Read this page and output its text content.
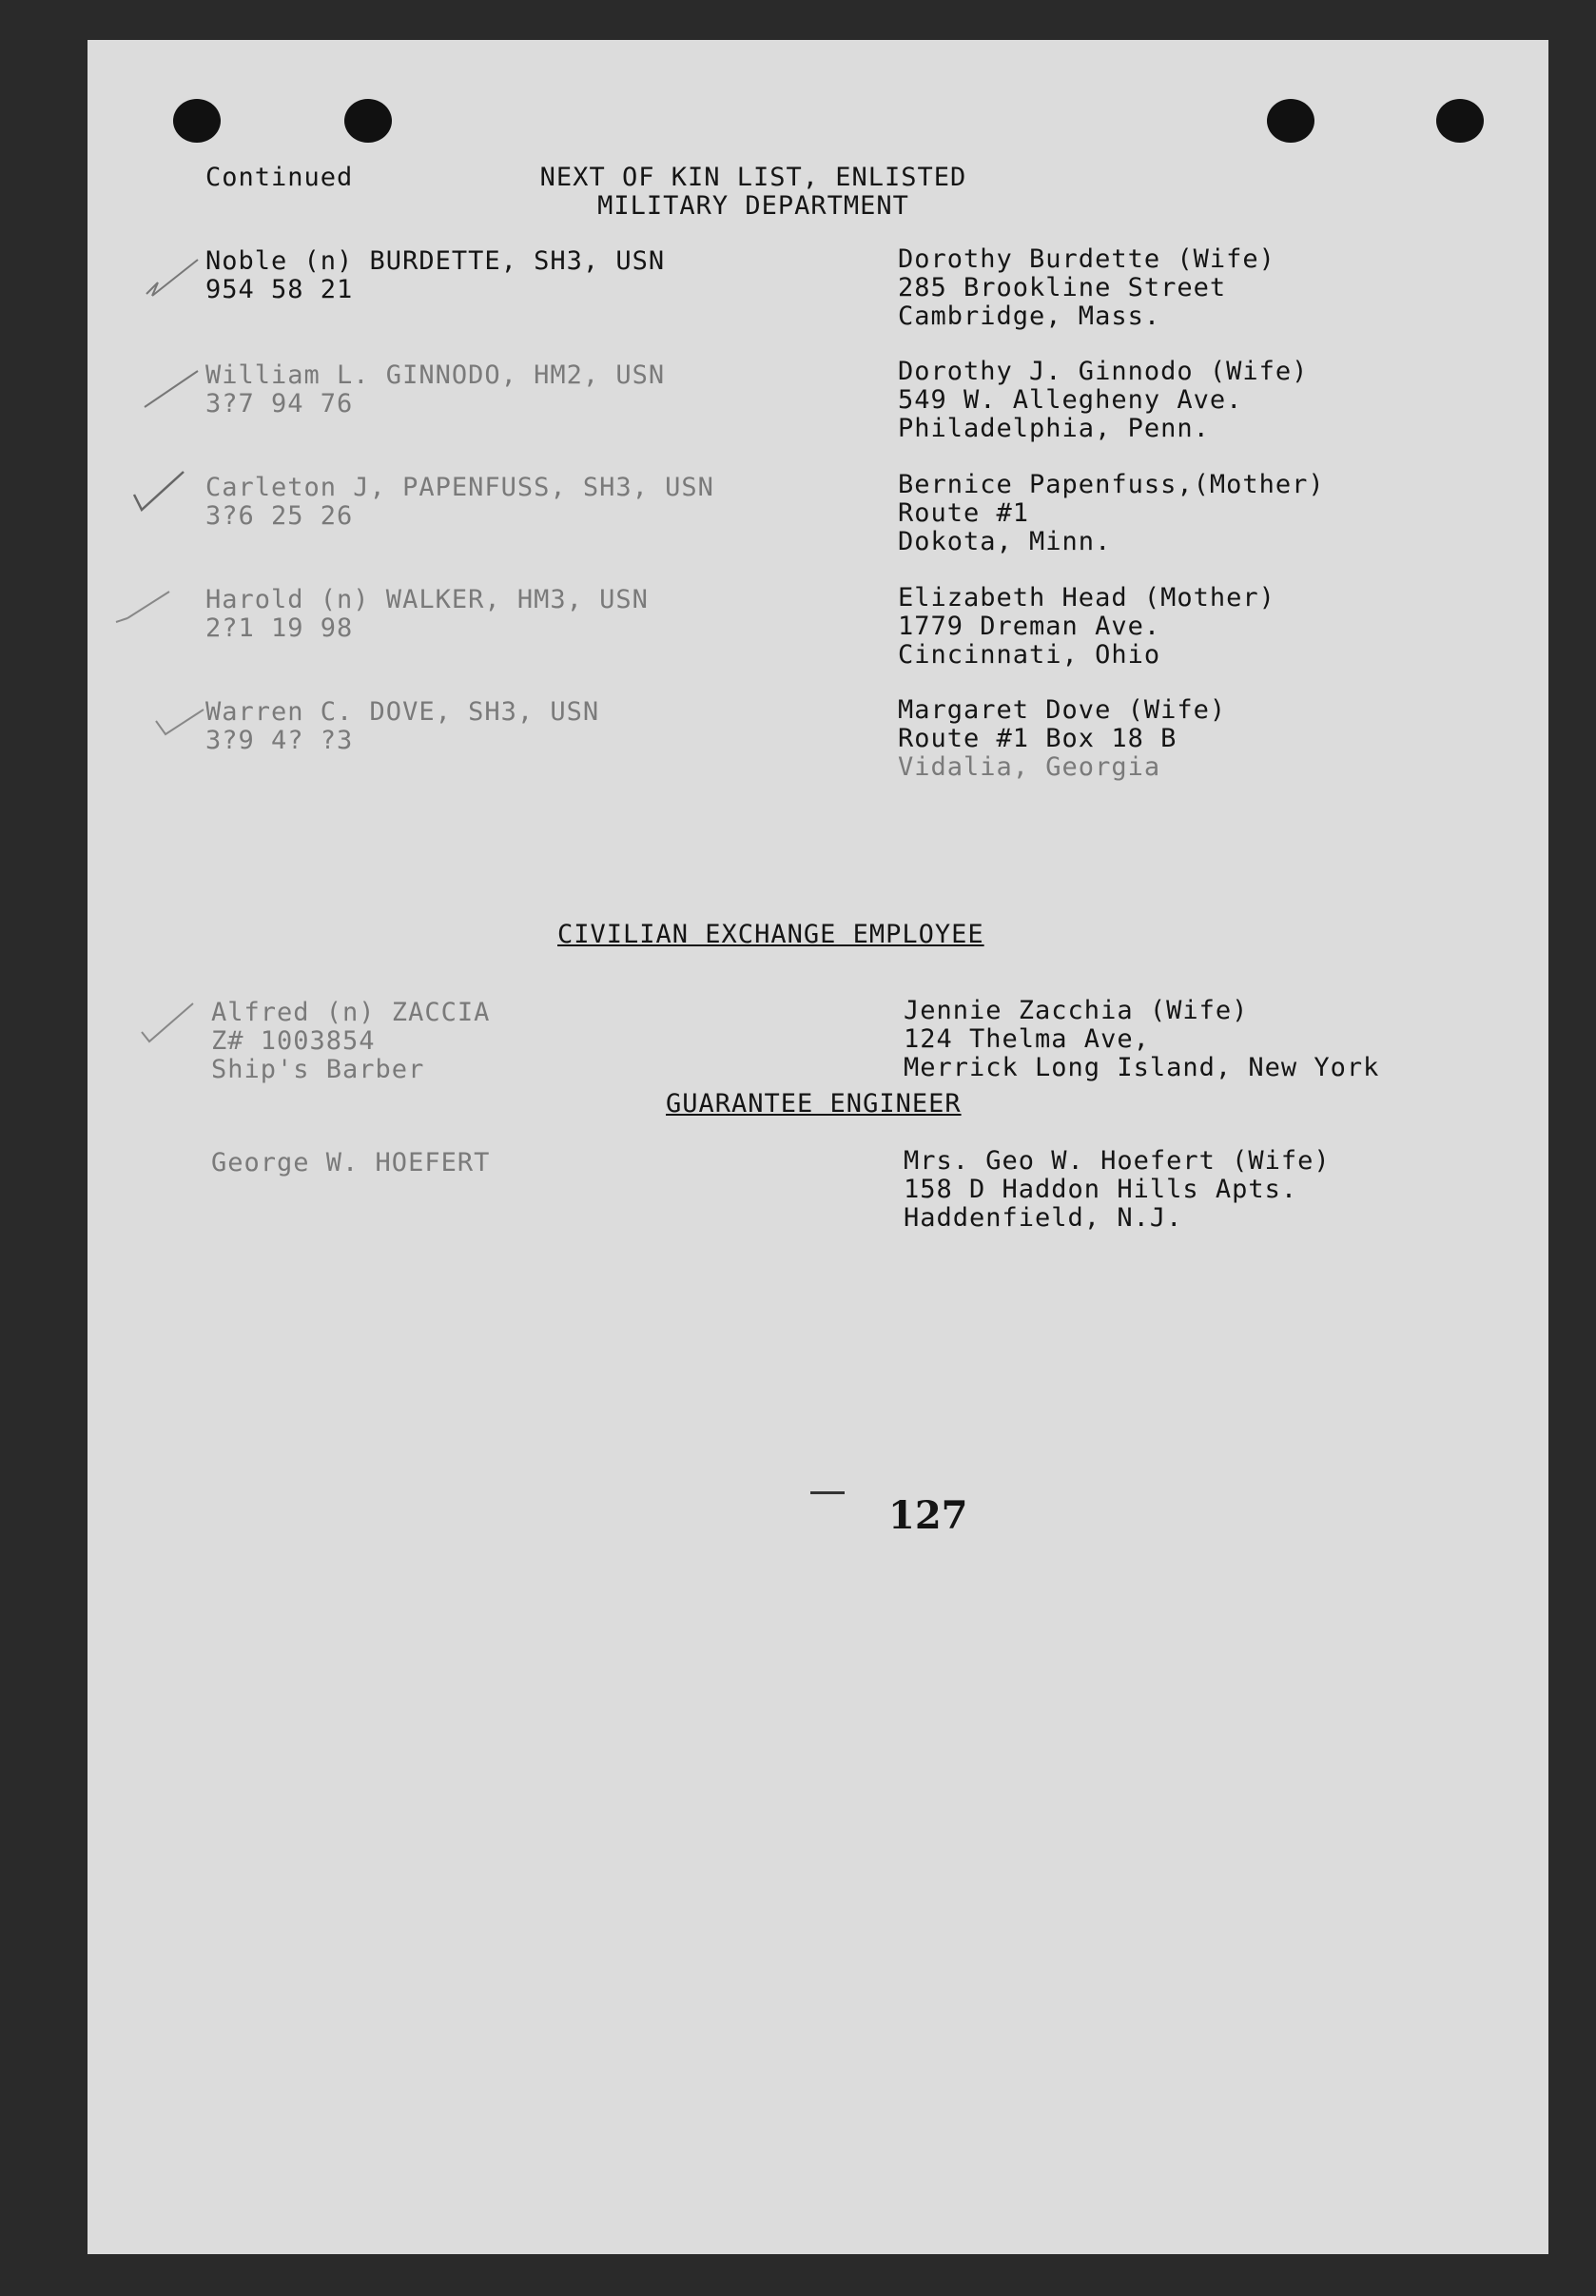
Continued	NEXT OF KIN LIST, ENLISTED
MILITARY DEPARTMENT
Noble (n) BURDETTE, SH3, USN
954 58 21
Dorothy Burdette (Wife)
285 Brookline Street
Cambridge, Mass.
William L. GINNODO, HM2, USN
3?7 94 76
Dorothy J. Ginnodo (Wife)
549 W. Allegheny Ave.
Philadelphia, Penn.
Carleton J, PAPENFUSS, SH3, USN
3?6 25 26
Bernice Papenfuss,(Mother)
Route #1
Dokota, Minn.
Harold (n) WALKER, HM3, USN
2?1 19 98
Elizabeth Head (Mother)
1779 Dreman Ave.
Cincinnati, Ohio
Warren C. DOVE, SH3, USN
3?9 4? ?3
Margaret Dove (Wife)
Route #1 Box 18 B
Vidalia, Georgia
CIVILIAN EXCHANGE EMPLOYEE
Alfred (n) ZACCIA
Z# 1003854
Ship's Barber
Jennie Zacchia (Wife)
124 Thelma Ave,
Merrick Long Island, New York
GUARANTEE ENGINEER
George W. HOEFERT	Mrs. Geo W. Hoefert (Wife)
158 D Haddon Hills Apts.
Haddenfield, N.J.
127
